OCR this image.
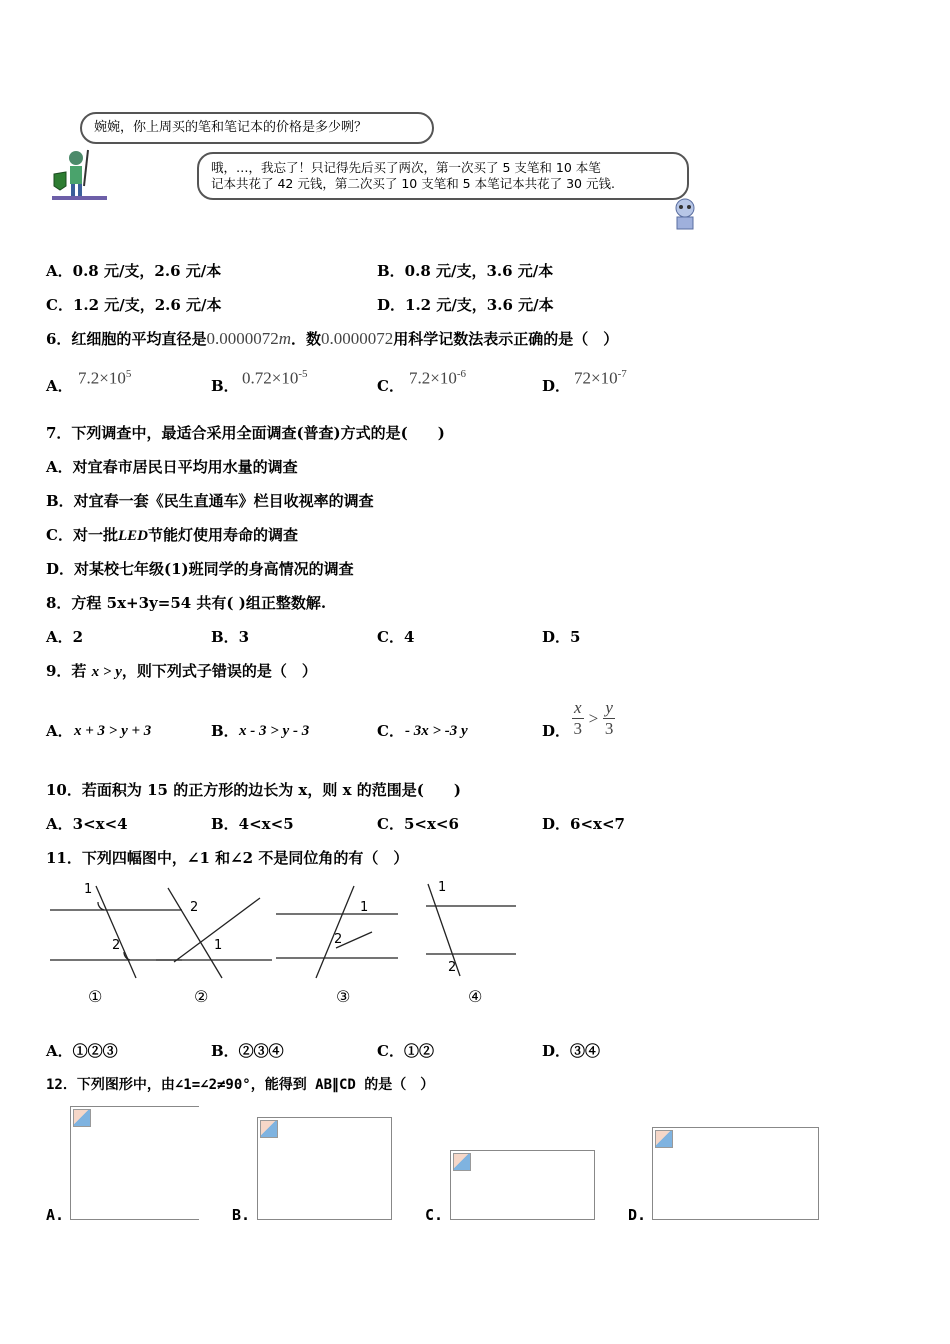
婉婉，你上周买的笔和笔记本的价格是多少咧？
哦，…，我忘了！只记得先后买了两次，第一次买了 5 支笔和 10 本笔
记本共花了 42 元钱，第二次买了 10 支笔和 5 本笔记本共花了 30 元钱.
A．0.8 元/支，2.6 元/本	B．0.8 元/支，3.6 元/本
C．1.2 元/支，2.6 元/本	D．1.2 元/支，3.6 元/本
6．红细胞的平均直径是0.0000072m．数0.0000072用科学记数法表示正确的是（　）
A． $7.2\times 10^5$
B． $0.72\times 10^{-5}$
C． $7.2\times 10^{-6}$
D． $72\times 10^{-7}$
7．下列调查中，最适合采用全面调查(普查)方式的是(　　)
A．对宜春市居民日平均用水量的调查
B．对宜春一套《民生直通车》栏目收视率的调查
C．对一批LED节能灯使用寿命的调查
D．对某校七年级(1)班同学的身高情况的调查
8．方程 5x+3y=54 共有( )组正整数解.
A．2	B．3	C．4	D．5
9．若 x > y，则下列式子错误的是（　）
A． x + 3 > y + 3	B． x - 3 > y - 3	C． - 3x > -3 y	D． $\frac{x}{3} > \frac{y}{3}$
10．若面积为 15 的正方形的边长为 x，则 x 的范围是(　　)
A．3<x<4	B．4<x<5	C．5<x<6	D．6<x<7
11．下列四幅图中，∠1 和∠2 不是同位角的有（　）
1
2
2
1
1
2
1
2
①	②	③	④
A．①②③	B．②③④	C．①②	D．③④
12．下列图形中，由∠1=∠2≠90°，能得到 AB∥CD 的是（　）
A.	B.	C.	D.
